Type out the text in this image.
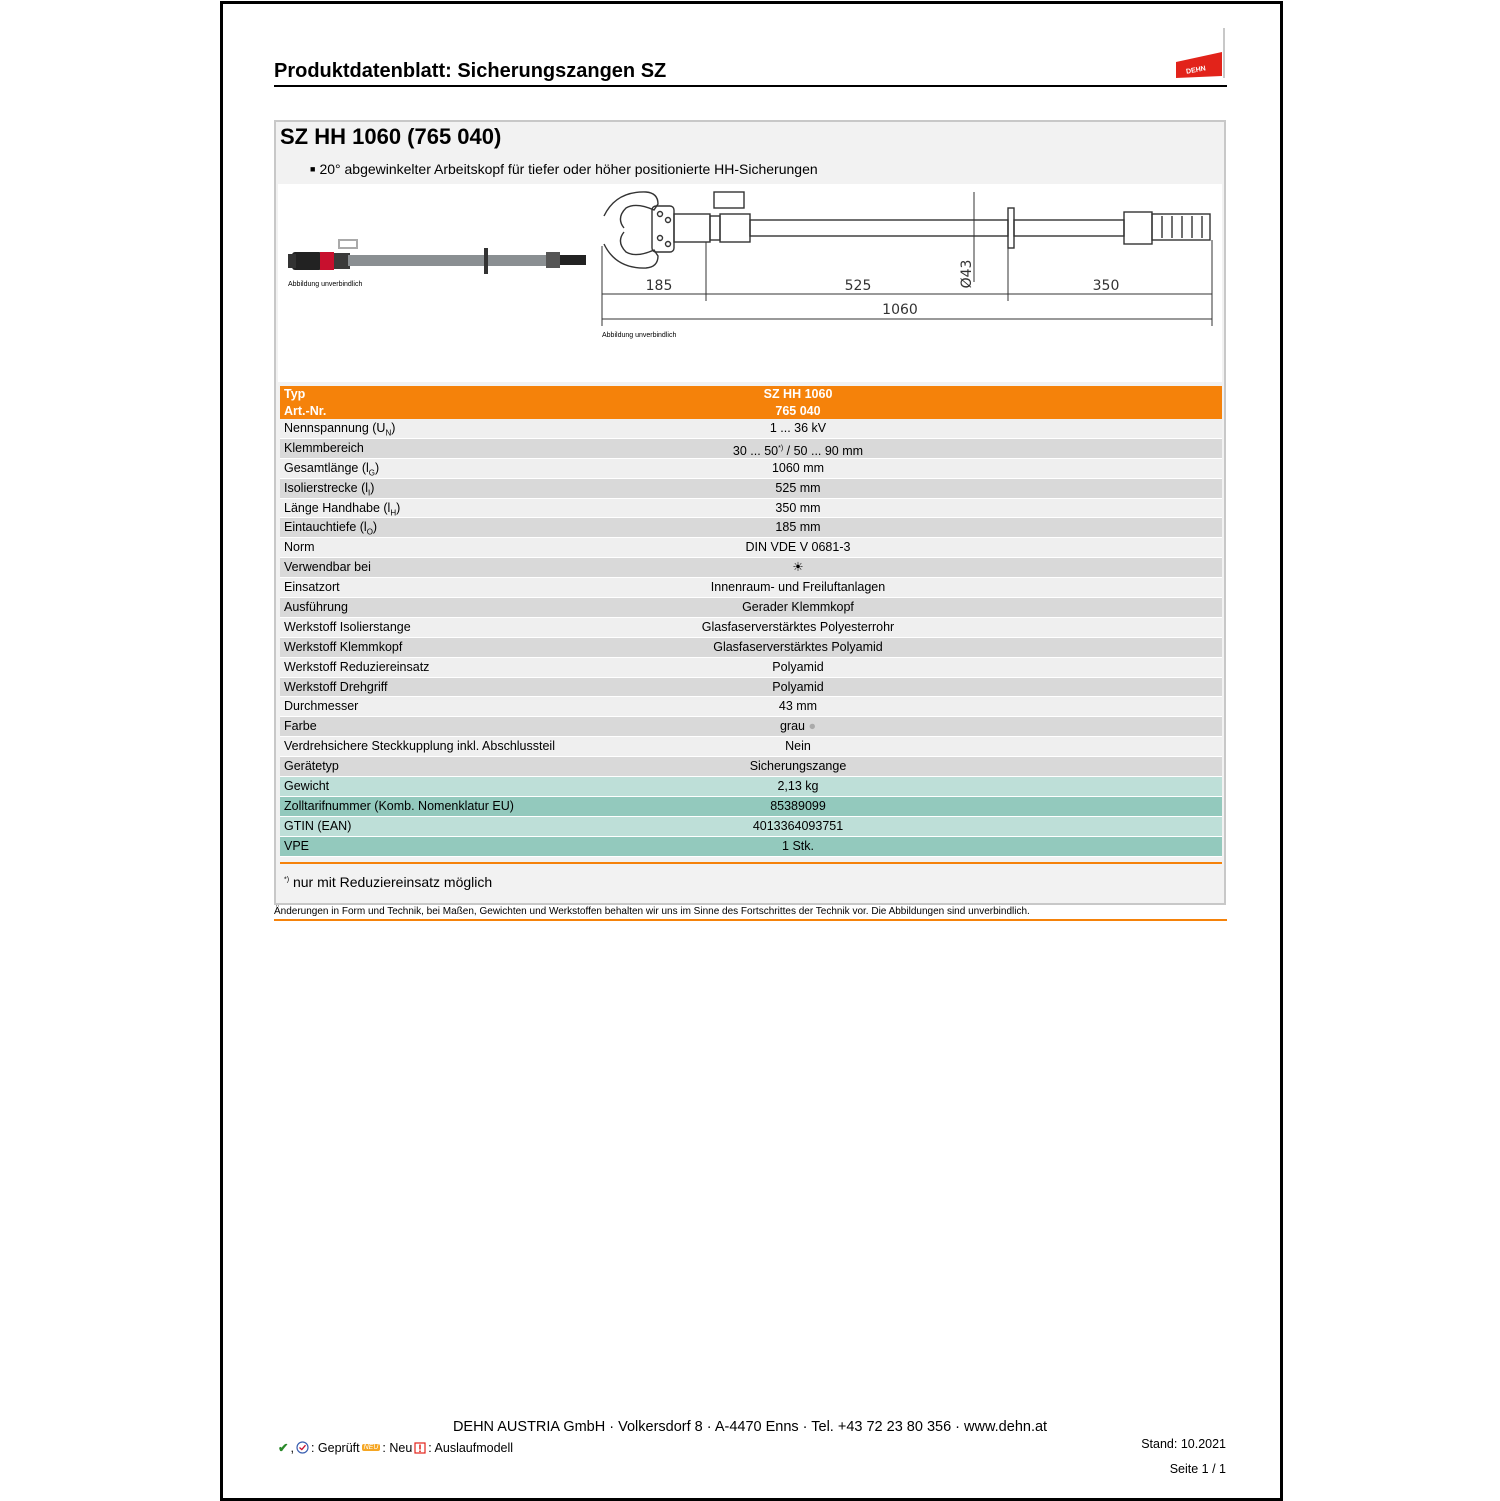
Produktdatenblatt: Sicherungszangen SZ	DEHN
SZ HH 1060 (765 040)
■ 20° abgewinkelter Arbeitskopf für tiefer oder höher positionierte HH-Sicherungen
Abbildung unverbindlich	185	525	350
1060
Ø43
Abbildung unverbindlich
Typ	SZ HH 1060
Art.-Nr.	765 040
Nennspannung $(U_N)$	1 ... 36 kV
Klemmbereich	30 ... 50*) / 50 ... 90 mm
Gesamtlänge $(l_G)$	1060 mm
Isolierstrecke $(l_I)$	525 mm
Länge Handhabe $(l_H)$	350 mm
Eintauchtiefe $(l_O)$	185 mm
Norm	DIN VDE V 0681-3
Verwendbar bei	☀
Einsatzort	Innenraum- und Freiluftanlagen
Ausführung	Gerader Klemmkopf
Werkstoff Isolierstange	Glasfaserverstärktes Polyesterrohr
Werkstoff Klemmkopf	Glasfaserverstärktes Polyamid
Werkstoff Reduziereinsatz	Polyamid
Werkstoff Drehgriff	Polyamid
Durchmesser	43 mm
Farbe	grau ●
Verdrehsichere Steckkupplung inkl. Abschlussteil	Nein
Gerätetyp	Sicherungszange
Gewicht	2,13 kg
Zolltarifnummer (Komb. Nomenklatur EU)	85389099
GTIN (EAN)	4013364093751
VPE	1 Stk.
*) nur mit Reduziereinsatz möglich
Änderungen in Form und Technik, bei Maßen, Gewichten und Werkstoffen behalten wir uns im Sinne des Fortschrittes der Technik vor. Die Abbildungen sind unverbindlich.
DEHN AUSTRIA GmbH · Volkersdorf 8 · A-4470 Enns · Tel. +43 72 23 80 356 · www.dehn.at
✔ , : Geprüft NEU : Neu : Auslaufmodell	Stand: 10.2021
Seite 1 / 1
